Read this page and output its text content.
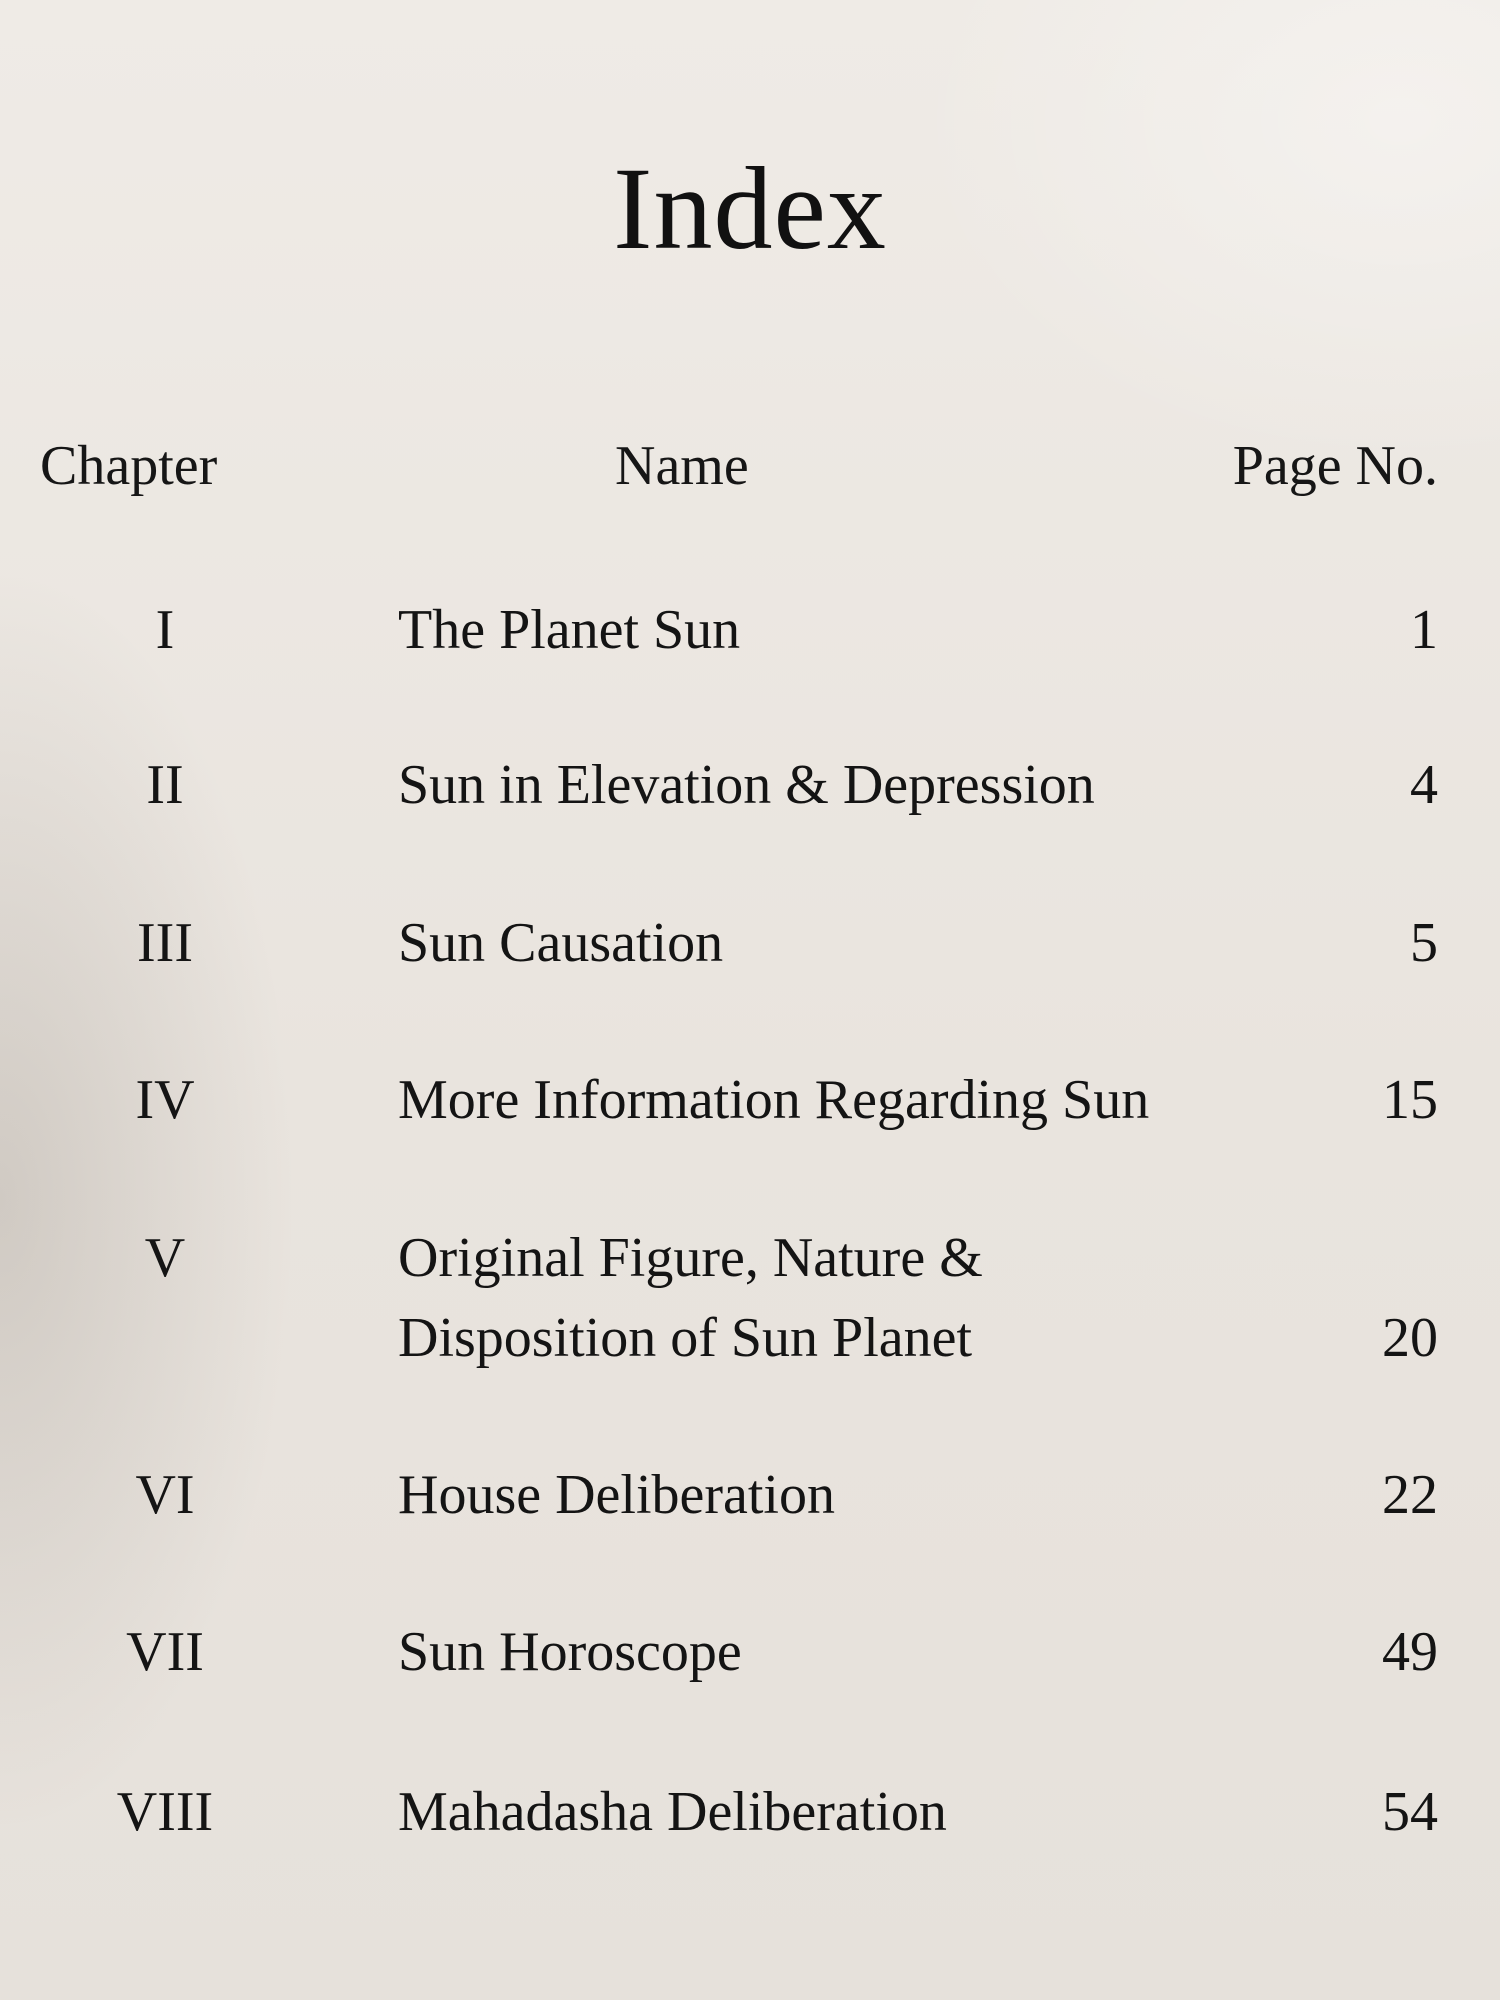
Index
Chapter	Name	Page No.
I	The Planet Sun	1
II	Sun in Elevation & Depression	4
III	Sun Causation	5
IV	More Information Regarding Sun	15
V	Original Figure, Nature &
Disposition of Sun Planet	20
VI	House Deliberation	22
VII	Sun Horoscope	49
VIII	Mahadasha Deliberation	54
